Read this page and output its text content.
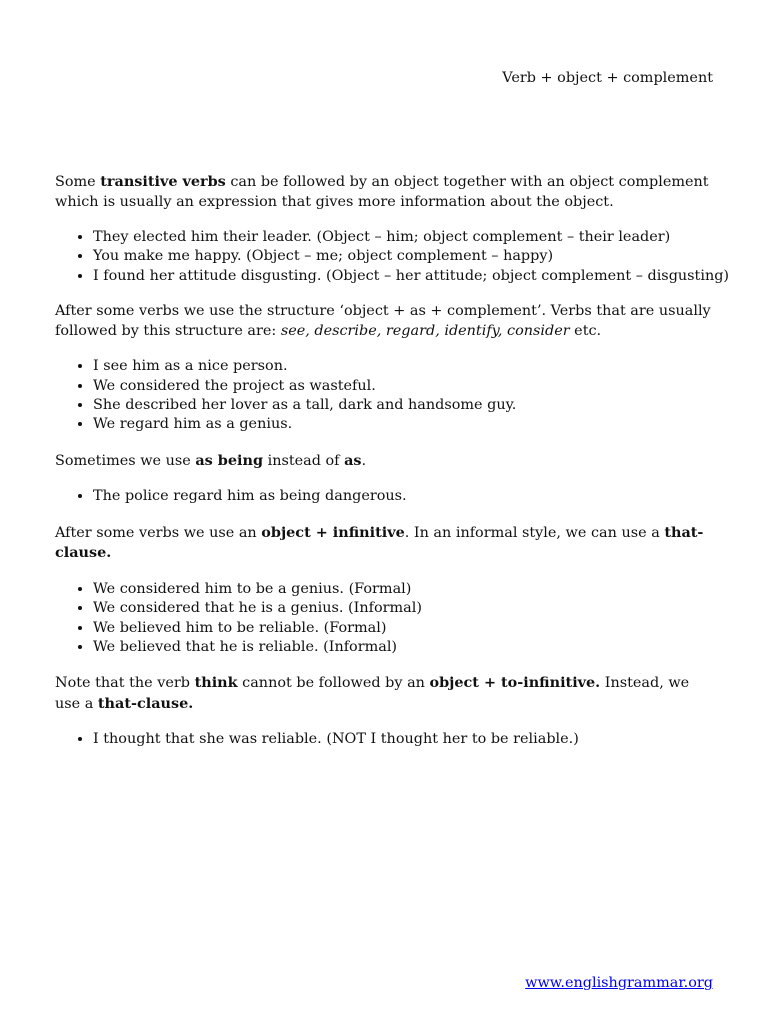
Verb + object + complement

Some transitive verbs can be followed by an object together with an object complement which is usually an expression that gives more information about the object.

• They elected him their leader. (Object – him; object complement – their leader)
• You make me happy. (Object – me; object complement – happy)
• I found her attitude disgusting. (Object – her attitude; object complement – disgusting)

After some verbs we use the structure ‘object + as + complement’. Verbs that are usually followed by this structure are: see, describe, regard, identify, consider etc.

• I see him as a nice person.
• We considered the project as wasteful.
• She described her lover as a tall, dark and handsome guy.
• We regard him as a genius.

Sometimes we use as being instead of as.

• The police regard him as being dangerous.

After some verbs we use an object + infinitive. In an informal style, we can use a that-clause.

• We considered him to be a genius. (Formal)
• We considered that he is a genius. (Informal)
• We believed him to be reliable. (Formal)
• We believed that he is reliable. (Informal)

Note that the verb think cannot be followed by an object + to-infinitive. Instead, we use a that-clause.

• I thought that she was reliable. (NOT I thought her to be reliable.)
www.englishgrammar.org
